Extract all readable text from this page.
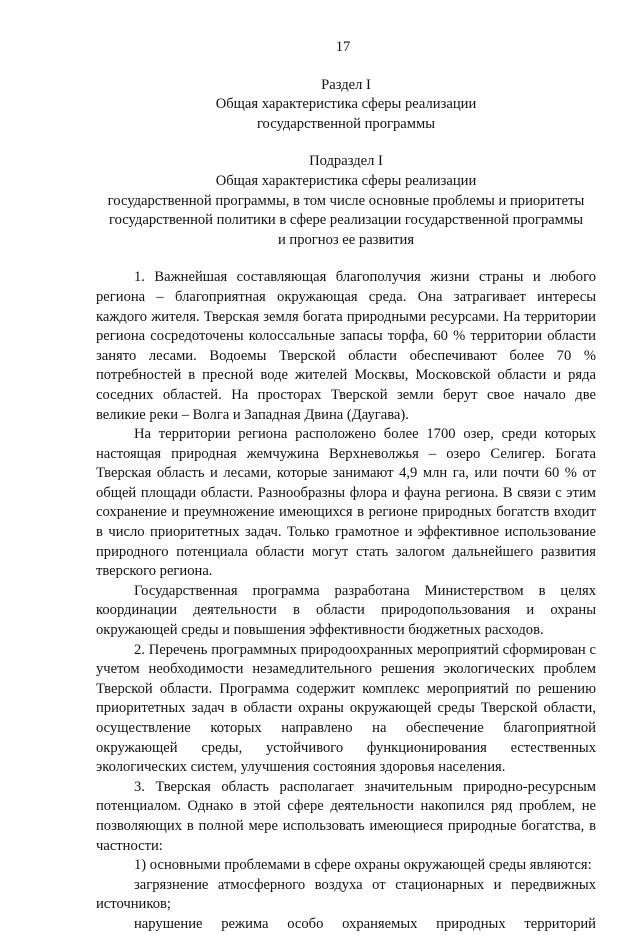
17
Раздел I
Общая характеристика сферы реализации
государственной программы
Подраздел I
Общая характеристика сферы реализации
государственной программы, в том числе основные проблемы и приоритеты
государственной политики в сфере реализации государственной программы
и прогноз ее развития

1. Важнейшая составляющая благополучия жизни страны и любого региона – благоприятная окружающая среда. Она затрагивает интересы каждого жителя. Тверская земля богата природными ресурсами. На территории региона сосредоточены колоссальные запасы торфа, 60 % территории области занято лесами. Водоемы Тверской области обеспечивают более 70 % потребностей в пресной воде жителей Москвы, Московской области и ряда соседних областей. На просторах Тверской земли берут свое начало две великие реки – Волга и Западная Двина (Даугава).

На территории региона расположено более 1700 озер, среди которых настоящая природная жемчужина Верхневолжья – озеро Селигер. Богата Тверская область и лесами, которые занимают 4,9 млн га, или почти 60 % от общей площади области. Разнообразны флора и фауна региона. В связи с этим сохранение и преумножение имеющихся в регионе природных богатств входит в число приоритетных задач. Только грамотное и эффективное использование природного потенциала области могут стать залогом дальнейшего развития тверского региона.

Государственная программа разработана Министерством в целях координации деятельности в области природопользования и охраны окружающей среды и повышения эффективности бюджетных расходов.

2. Перечень программных природоохранных мероприятий сформирован с учетом необходимости незамедлительного решения экологических проблем Тверской области. Программа содержит комплекс мероприятий по решению приоритетных задач в области охраны окружающей среды Тверской области, осуществление которых направлено на обеспечение благоприятной окружающей среды, устойчивого функционирования естественных экологических систем, улучшения состояния здоровья населения.

3. Тверская область располагает значительным природно-ресурсным потенциалом. Однако в этой сфере деятельности накопился ряд проблем, не позволяющих в полной мере использовать имеющиеся природные богатства, в частности:

1) основными проблемами в сфере охраны окружающей среды являются:

загрязнение атмосферного воздуха от стационарных и передвижных источников;

нарушение режима особо охраняемых природных территорий
